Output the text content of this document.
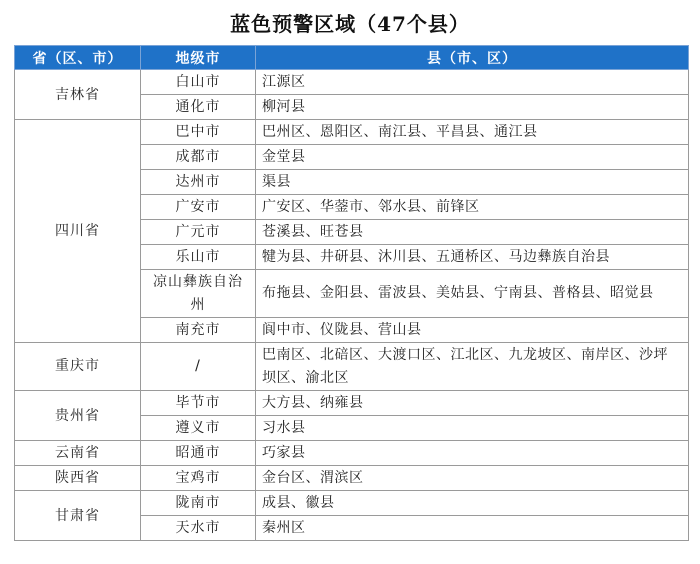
蓝色预警区域（47个县）
省（区、市）	地级市	县（市、区）
吉林省	白山市	江源区
	通化市	柳河县
四川省	巴中市	巴州区、恩阳区、南江县、平昌县、通江县
	成都市	金堂县
	达州市	渠县
	广安市	广安区、华蓥市、邻水县、前锋区
	广元市	苍溪县、旺苍县
	乐山市	犍为县、井研县、沐川县、五通桥区、马边彝族自治县
	凉山彝族自治州	布拖县、金阳县、雷波县、美姑县、宁南县、普格县、昭觉县
	南充市	阆中市、仪陇县、营山县
重庆市	/	巴南区、北碚区、大渡口区、江北区、九龙坡区、南岸区、沙坪坝区、渝北区
贵州省	毕节市	大方县、纳雍县
	遵义市	习水县
云南省	昭通市	巧家县
陕西省	宝鸡市	金台区、渭滨区
甘肃省	陇南市	成县、徽县
	天水市	秦州区
